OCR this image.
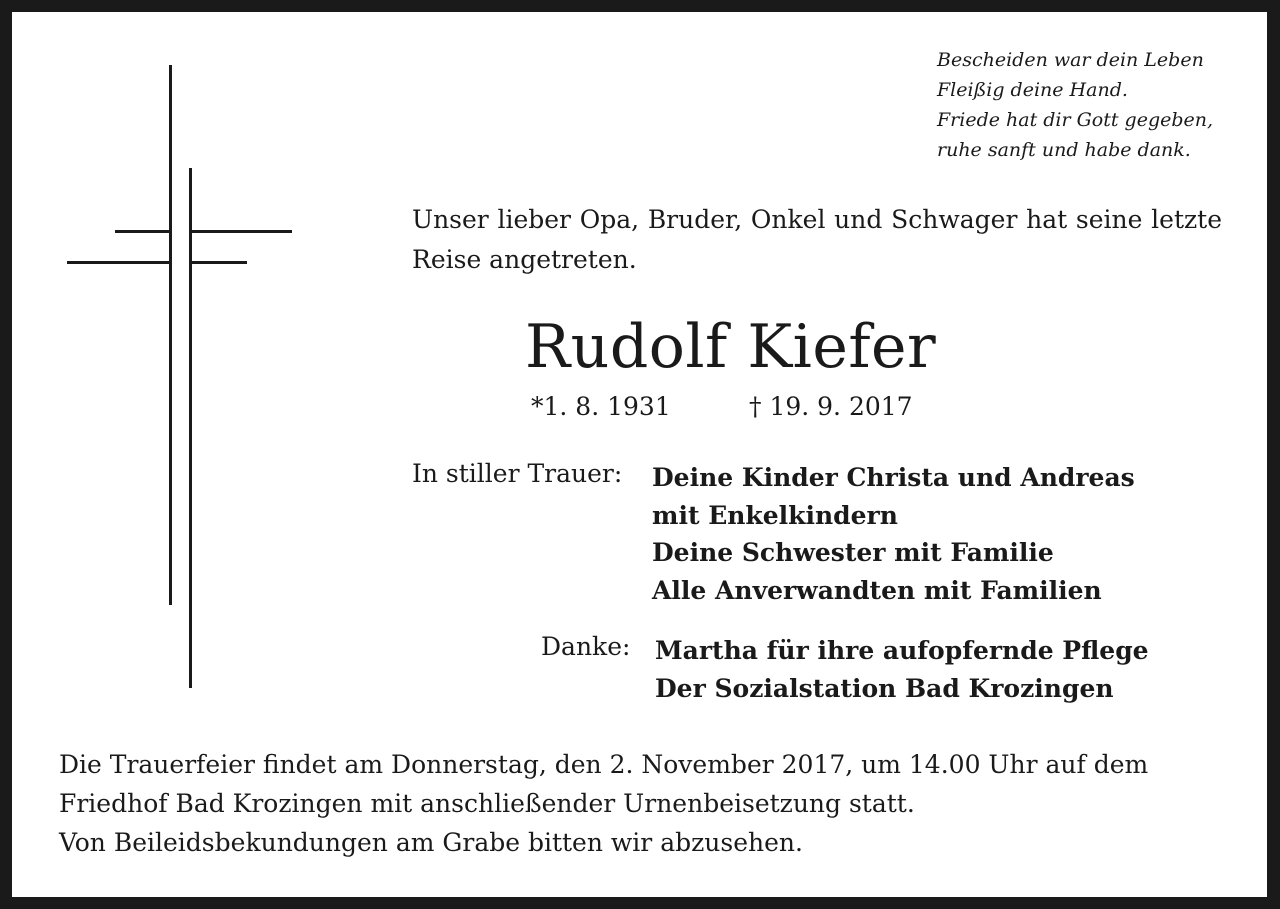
Bescheiden war dein Leben
Fleißig deine Hand.
Friede hat dir Gott gegeben,
ruhe sanft und habe dank.
Unser lieber Opa, Bruder, Onkel und Schwager hat seine letzte Reise angetreten.
Rudolf Kiefer
*1. 8. 1931	† 19. 9. 2017
In stiller Trauer: Deine Kinder Christa und Andreas
mit Enkelkindern
Deine Schwester mit Familie
Alle Anverwandten mit Familien
Danke: Martha für ihre aufopfernde Pflege
Der Sozialstation Bad Krozingen
Die Trauerfeier findet am Donnerstag, den 2. November 2017, um 14.00 Uhr auf dem
Friedhof Bad Krozingen mit anschließender Urnenbeisetzung statt.
Von Beileidsbekundungen am Grabe bitten wir abzusehen.
